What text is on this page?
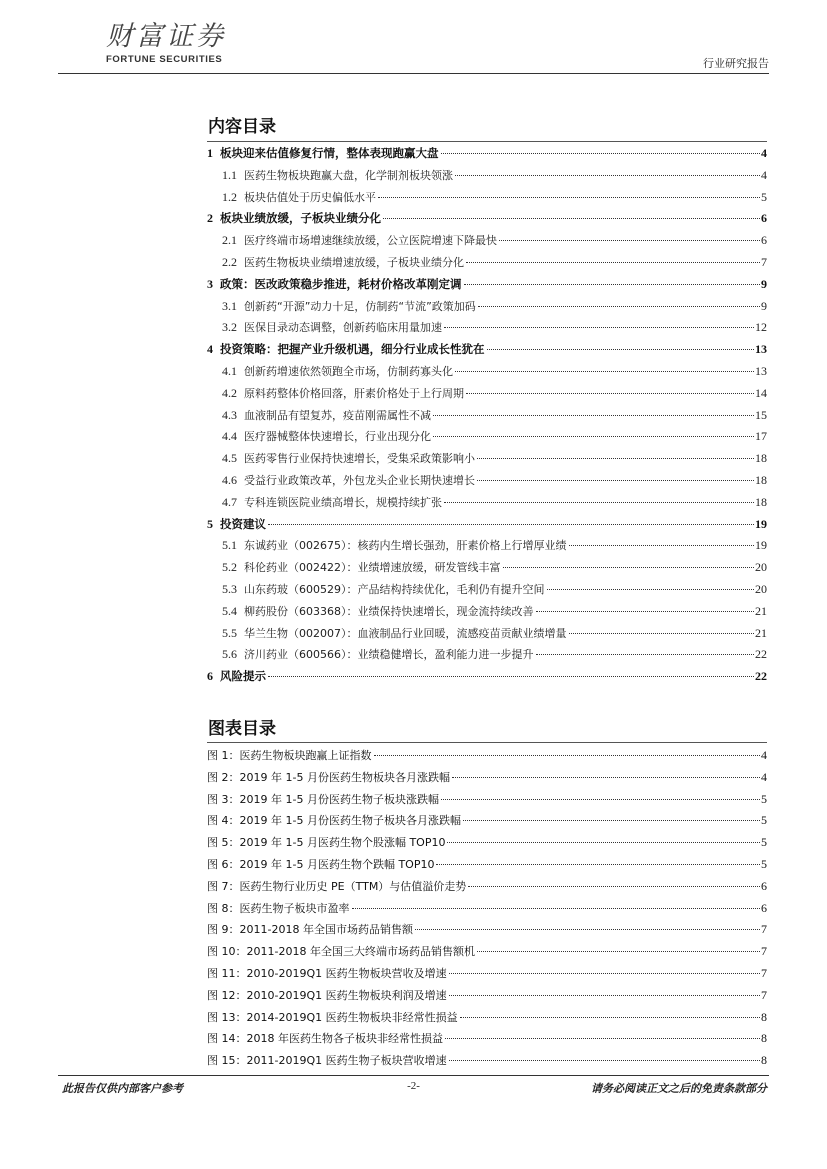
财富证券
FORTUNE SECURITIES	行业研究报告
内容目录
1 板块迎来估值修复行情，整体表现跑赢大盘	4
1.1 医药生物板块跑赢大盘，化学制剂板块领涨	4
1.2 板块估值处于历史偏低水平	5
2 板块业绩放缓，子板块业绩分化	6
2.1 医疗终端市场增速继续放缓，公立医院增速下降最快	6
2.2 医药生物板块业绩增速放缓，子板块业绩分化	7
3 政策：医改政策稳步推进，耗材价格改革刚定调	9
3.1 创新药“开源”动力十足，仿制药“节流”政策加码	9
3.2 医保目录动态调整，创新药临床用量加速	12
4 投资策略：把握产业升级机遇，细分行业成长性犹在	13
4.1 创新药增速依然领跑全市场，仿制药寡头化	13
4.2 原料药整体价格回落，肝素价格处于上行周期	14
4.3 血液制品有望复苏，疫苗刚需属性不减	15
4.4 医疗器械整体快速增长，行业出现分化	17
4.5 医药零售行业保持快速增长，受集采政策影响小	18
4.6 受益行业政策改革，外包龙头企业长期快速增长	18
4.7 专科连锁医院业绩高增长，规模持续扩张	18
5 投资建议	19
5.1 东诚药业（002675）：核药内生增长强劲，肝素价格上行增厚业绩	19
5.2 科伦药业（002422）：业绩增速放缓，研发管线丰富	20
5.3 山东药玻（600529）：产品结构持续优化，毛利仍有提升空间	20
5.4 柳药股份（603368）：业绩保持快速增长，现金流持续改善	21
5.5 华兰生物（002007）：血液制品行业回暖，流感疫苗贡献业绩增量	21
5.6 济川药业（600566）：业绩稳健增长，盈利能力进一步提升	22
6 风险提示	22
图表目录
图 1：医药生物板块跑赢上证指数	4
图 2：2019 年 1-5 月份医药生物板块各月涨跌幅	4
图 3：2019 年 1-5 月份医药生物子板块涨跌幅	5
图 4：2019 年 1-5 月份医药生物子板块各月涨跌幅	5
图 5：2019 年 1-5 月医药生物个股涨幅 TOP10	5
图 6：2019 年 1-5 月医药生物个跌幅 TOP10	5
图 7：医药生物行业历史 PE（TTM）与估值溢价走势	6
图 8：医药生物子板块市盈率	6
图 9：2011-2018 年全国市场药品销售额	7
图 10：2011-2018 年全国三大终端市场药品销售额机	7
图 11：2010-2019Q1 医药生物板块营收及增速	7
图 12：2010-2019Q1 医药生物板块利润及增速	7
图 13：2014-2019Q1 医药生物板块非经常性损益	8
图 14：2018 年医药生物各子板块非经常性损益	8
图 15：2011-2019Q1 医药生物子板块营收增速	8
此报告仅供内部客户参考	-2-	请务必阅读正文之后的免责条款部分
